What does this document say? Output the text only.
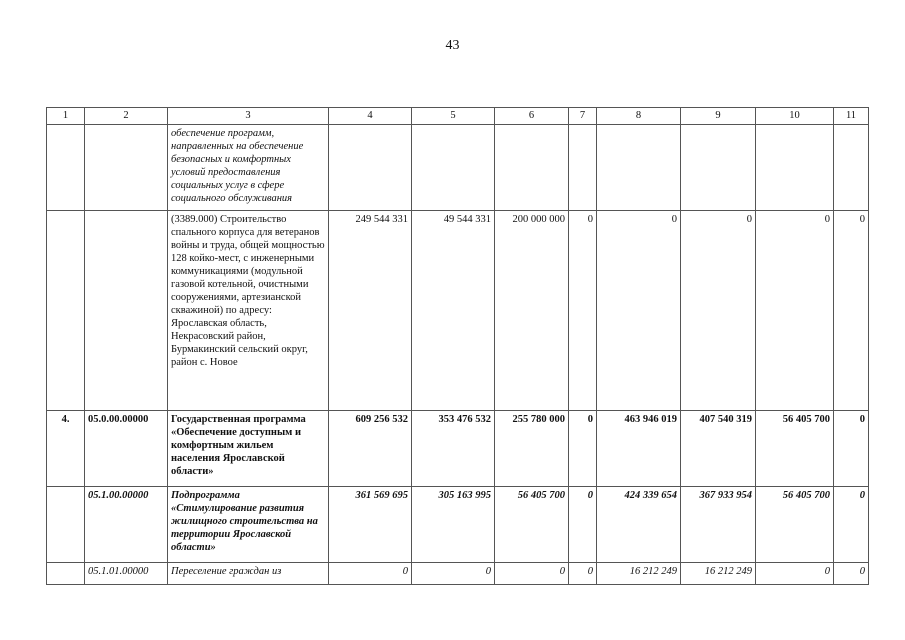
43
1	2	3	4	5	6	7	8	9	10	11
		обеспечение программ, направленных на обеспечение безопасных и комфортных условий предоставления социальных услуг в сфере социального обслуживания								
		(3389.000) Строительство спального корпуса для ветеранов войны и труда, общей мощностью 128 койко-мест, с инженерными коммуникациями (модульной газовой котельной, очистными сооружениями, артезианской скважиной) по адресу: Ярославская область, Некрасовский район, Бурмакинский сельский округ, район с. Новое	249 544 331	49 544 331	200 000 000	0	0	0	0	0
4.	05.0.00.00000	Государственная программа «Обеспечение доступным и комфортным жильем населения Ярославской области»	609 256 532	353 476 532	255 780 000	0	463 946 019	407 540 319	56 405 700	0
	05.1.00.00000	Подпрограмма «Стимулирование развития жилищного строительства на территории Ярославской области»	361 569 695	305 163 995	56 405 700	0	424 339 654	367 933 954	56 405 700	0
	05.1.01.00000	Переселение граждан из	0	0	0	0	16 212 249	16 212 249	0	0
